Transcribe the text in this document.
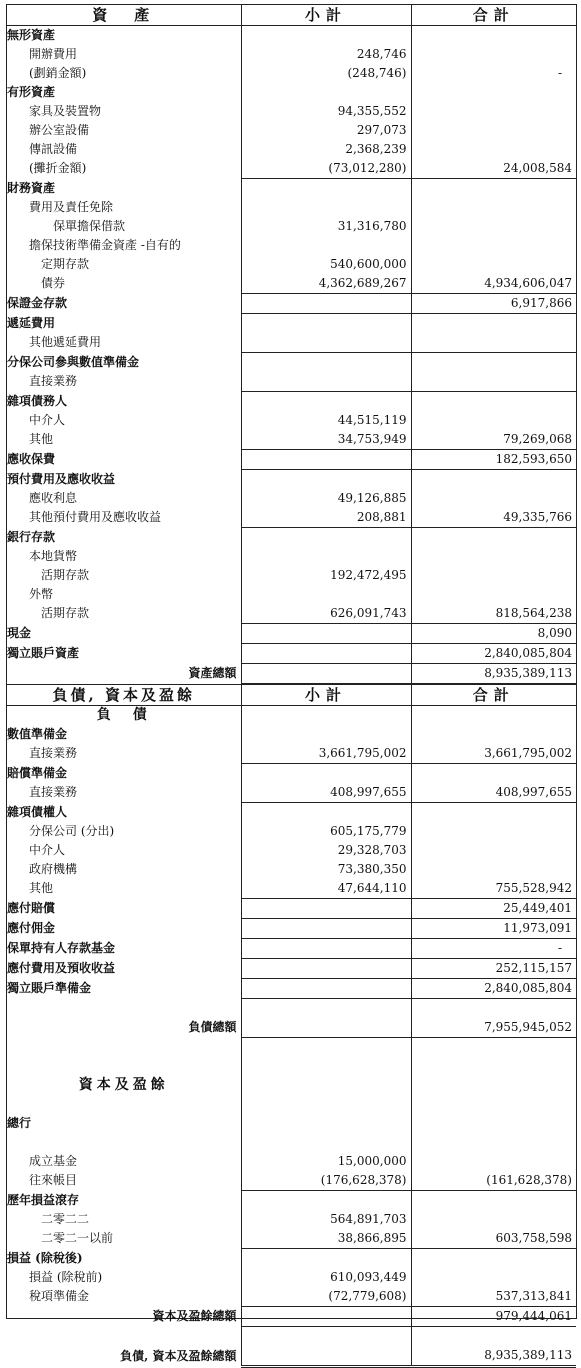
資　產	小計	合計
無形資產		
開辦費用	248,746	
(劃銷金額)	(248,746)	-
有形資產		
家具及裝置物	94,355,552	
辦公室設備	297,073	
傳訊設備	2,368,239	
(攤折金額)	(73,012,280)	24,008,584
財務資產		
費用及責任免除		
保單擔保借款	31,316,780	
擔保技術準備金資產 -自有的		
定期存款	540,600,000	
債券	4,362,689,267	4,934,606,047
保證金存款		6,917,866
遞延費用		
其他遞延費用		
分保公司參與數值準備金		
直接業務		
雜項債務人		
中介人	44,515,119	
其他	34,753,949	79,269,068
應收保費		182,593,650
預付費用及應收收益		
應收利息	49,126,885	
其他預付費用及應收收益	208,881	49,335,766
銀行存款		
本地貨幣		
活期存款	192,472,495	
外幣		
活期存款	626,091,743	818,564,238
現金		8,090
獨立賬戶資產		2,840,085,804
資產總額		8,935,389,113
負債, 資本及盈餘	小計	合計
負　債		
數值準備金		
直接業務	3,661,795,002	3,661,795,002
賠償準備金		
直接業務	408,997,655	408,997,655
雜項債權人		
分保公司 (分出)	605,175,779	
中介人	29,328,703	
政府機構	73,380,350	
其他	47,644,110	755,528,942
應付賠償		25,449,401
應付佣金		11,973,091
保單持有人存款基金		-
應付費用及預收收益		252,115,157
獨立賬戶準備金		2,840,085,804

負債總額		7,955,945,052

資本及盈餘		

總行		

成立基金	15,000,000	
往來帳目	(176,628,378)	(161,628,378)
歷年損益滾存		
二零二二	564,891,703	
二零二一以前	38,866,895	603,758,598
損益 (除稅後)		
損益 (除稅前)	610,093,449	
稅項準備金	(72,779,608)	537,313,841
資本及盈餘總額		979,444,061

負債, 資本及盈餘總額		8,935,389,113
